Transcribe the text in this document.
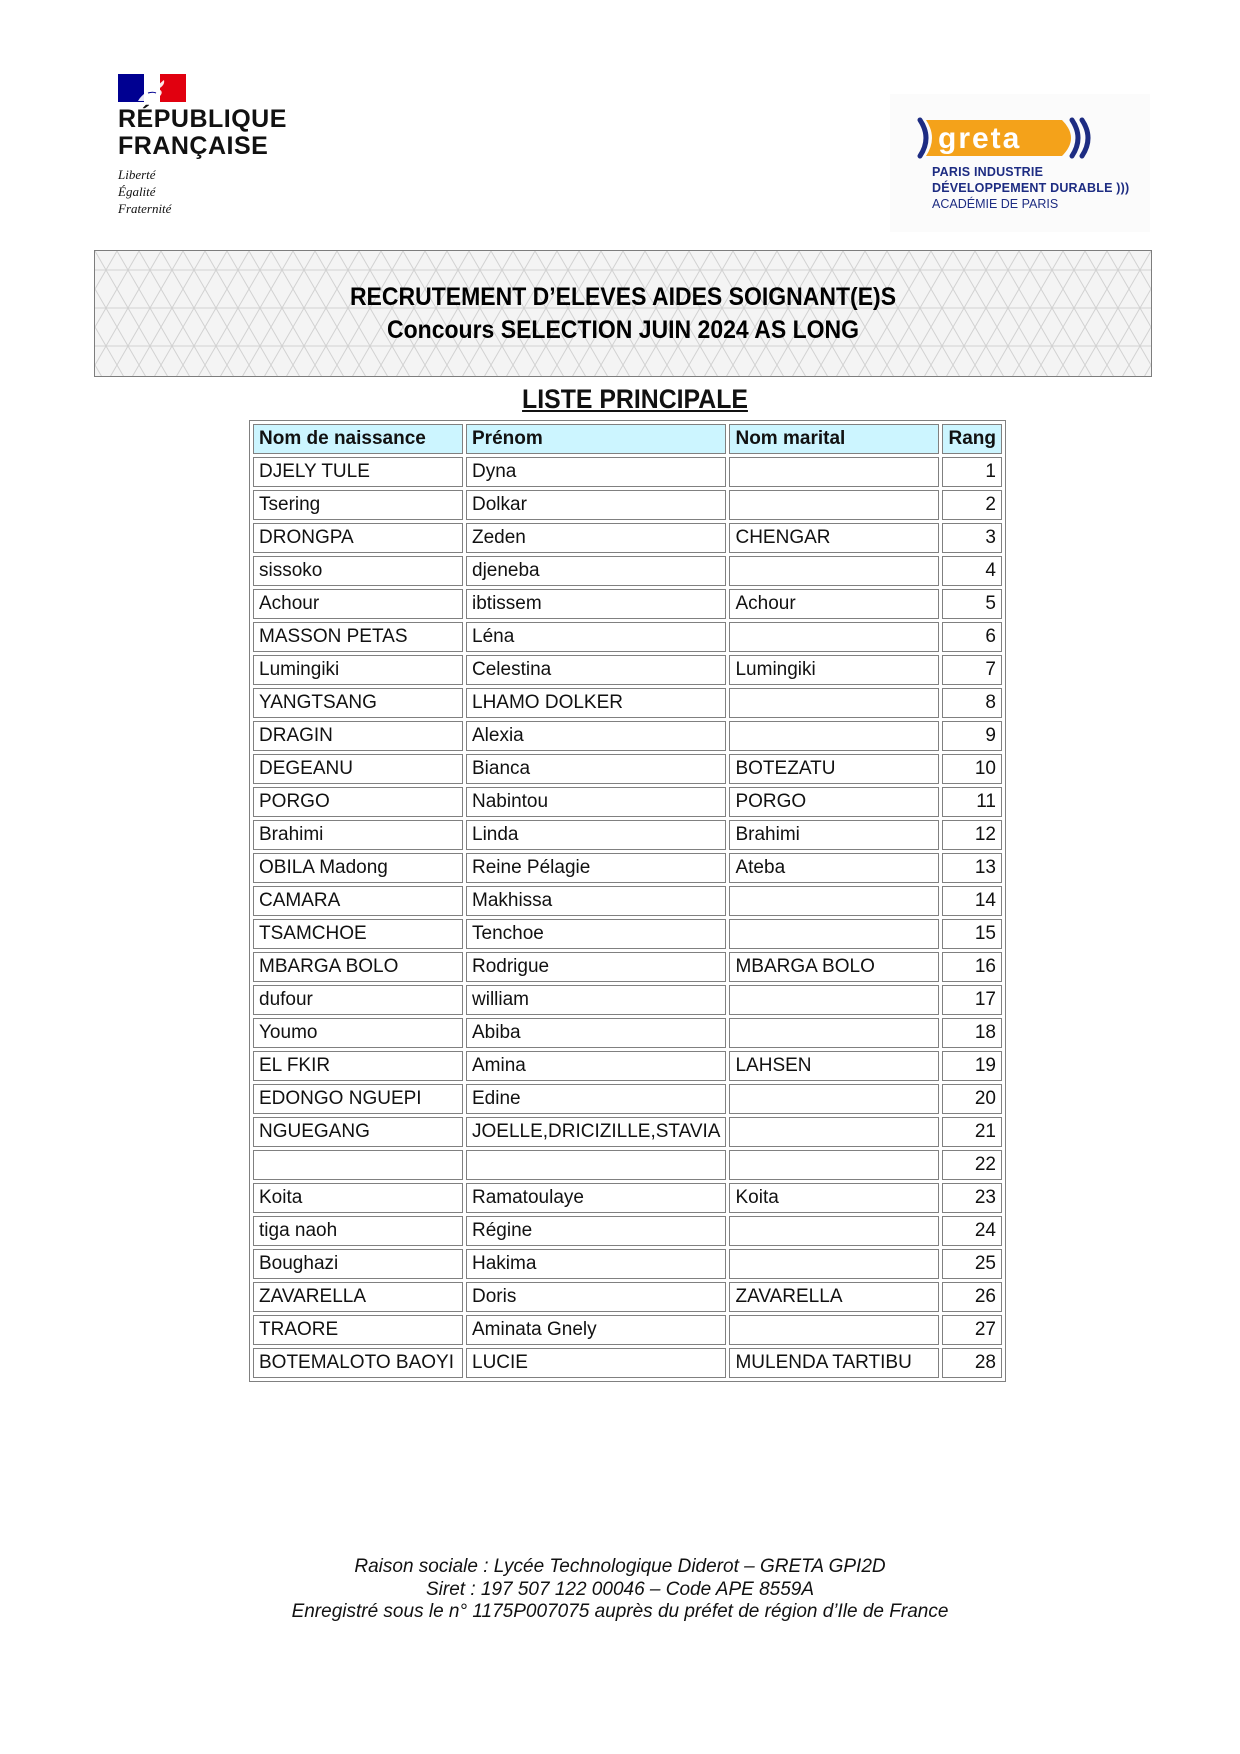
RÉPUBLIQUE
FRANÇAISE
Liberté
Égalité
Fraternité
greta
PARIS INDUSTRIE
DÉVELOPPEMENT DURABLE )))
ACADÉMIE DE PARIS
RECRUTEMENT D’ELEVES AIDES SOIGNANT(E)S
Concours SELECTION JUIN 2024 AS LONG
LISTE PRINCIPALE
Nom de naissance	Prénom	Nom marital	Rang
DJELY TULE	Dyna		1
Tsering	Dolkar		2
DRONGPA	Zeden	CHENGAR	3
sissoko	djeneba		4
Achour	ibtissem	Achour	5
MASSON PETAS	Léna		6
Lumingiki	Celestina	Lumingiki	7
YANGTSANG	LHAMO DOLKER		8
DRAGIN	Alexia		9
DEGEANU	Bianca	BOTEZATU	10
PORGO	Nabintou	PORGO	11
Brahimi	Linda	Brahimi	12
OBILA Madong	Reine Pélagie	Ateba	13
CAMARA	Makhissa		14
TSAMCHOE	Tenchoe		15
MBARGA BOLO	Rodrigue	MBARGA BOLO	16
dufour	william		17
Youmo	Abiba		18
EL FKIR	Amina	LAHSEN	19
EDONGO NGUEPI	Edine		20
NGUEGANG	JOELLE,DRICIZILLE,STAVIA		21
			22
Koita	Ramatoulaye	Koita	23
tiga naoh	Régine		24
Boughazi	Hakima		25
ZAVARELLA	Doris	ZAVARELLA	26
TRAORE	Aminata Gnely		27
BOTEMALOTO BAOYI	LUCIE	MULENDA TARTIBU	28
Raison sociale : Lycée Technologique Diderot – GRETA GPI2D
Siret : 197 507 122 00046 – Code APE 8559A
Enregistré sous le n° 1175P007075 auprès du préfet de région d’Ile de France
